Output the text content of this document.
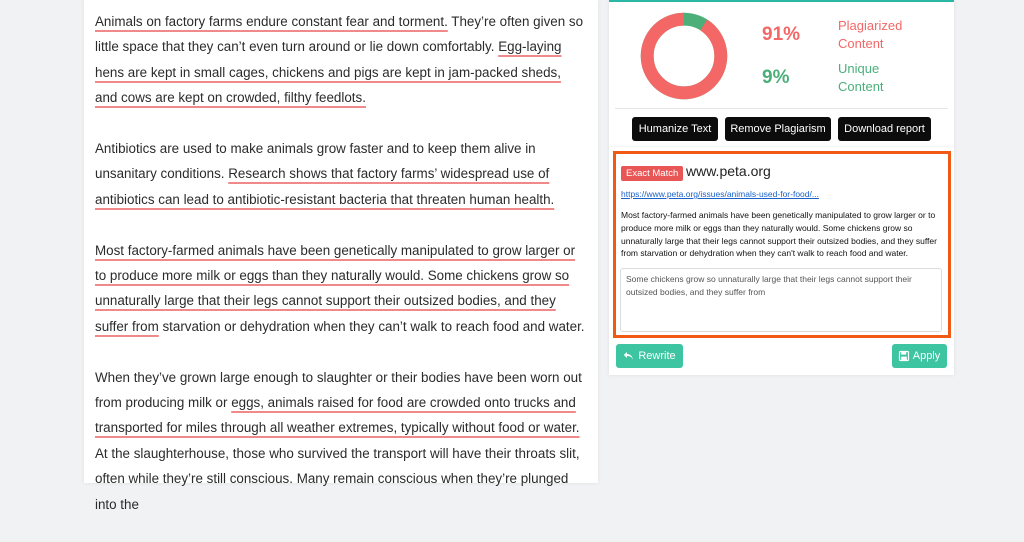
Animals on factory farms endure constant fear and torment. They’re often given so little space that they can’t even turn around or lie down comfortably. Egg-laying hens are kept in small cages, chickens and pigs are kept in jam-packed sheds, and cows are kept on crowded, filthy feedlots.

Antibiotics are used to make animals grow faster and to keep them alive in unsanitary conditions. Research shows that factory farms’ widespread use of antibiotics can lead to antibiotic-resistant bacteria that threaten human health.

Most factory-farmed animals have been genetically manipulated to grow larger or to produce more milk or eggs than they naturally would. Some chickens grow so unnaturally large that their legs cannot support their outsized bodies, and they suffer from starvation or dehydration when they can’t walk to reach food and water.

When they’ve grown large enough to slaughter or their bodies have been worn out from producing milk or eggs, animals raised for food are crowded onto trucks and transported for miles through all weather extremes, typically without food or water. At the slaughterhouse, those who survived the transport will have their throats slit, often while they’re still conscious. Many remain conscious when they’re plunged into the

91%	Plagiarized Content
9%	Unique Content
Humanize Text	Remove Plagiarism	Download report
Exact Match www.peta.org
https://www.peta.org/issues/animals-used-for-food/...
Most factory-farmed animals have been genetically manipulated to grow larger or to produce more milk or eggs than they naturally would. Some chickens grow so unnaturally large that their legs cannot support their outsized bodies, and they suffer from starvation or dehydration when they can't walk to reach food and water.
Some chickens grow so unnaturally large that their legs cannot support their outsized bodies, and they suffer from
Rewrite	Apply
